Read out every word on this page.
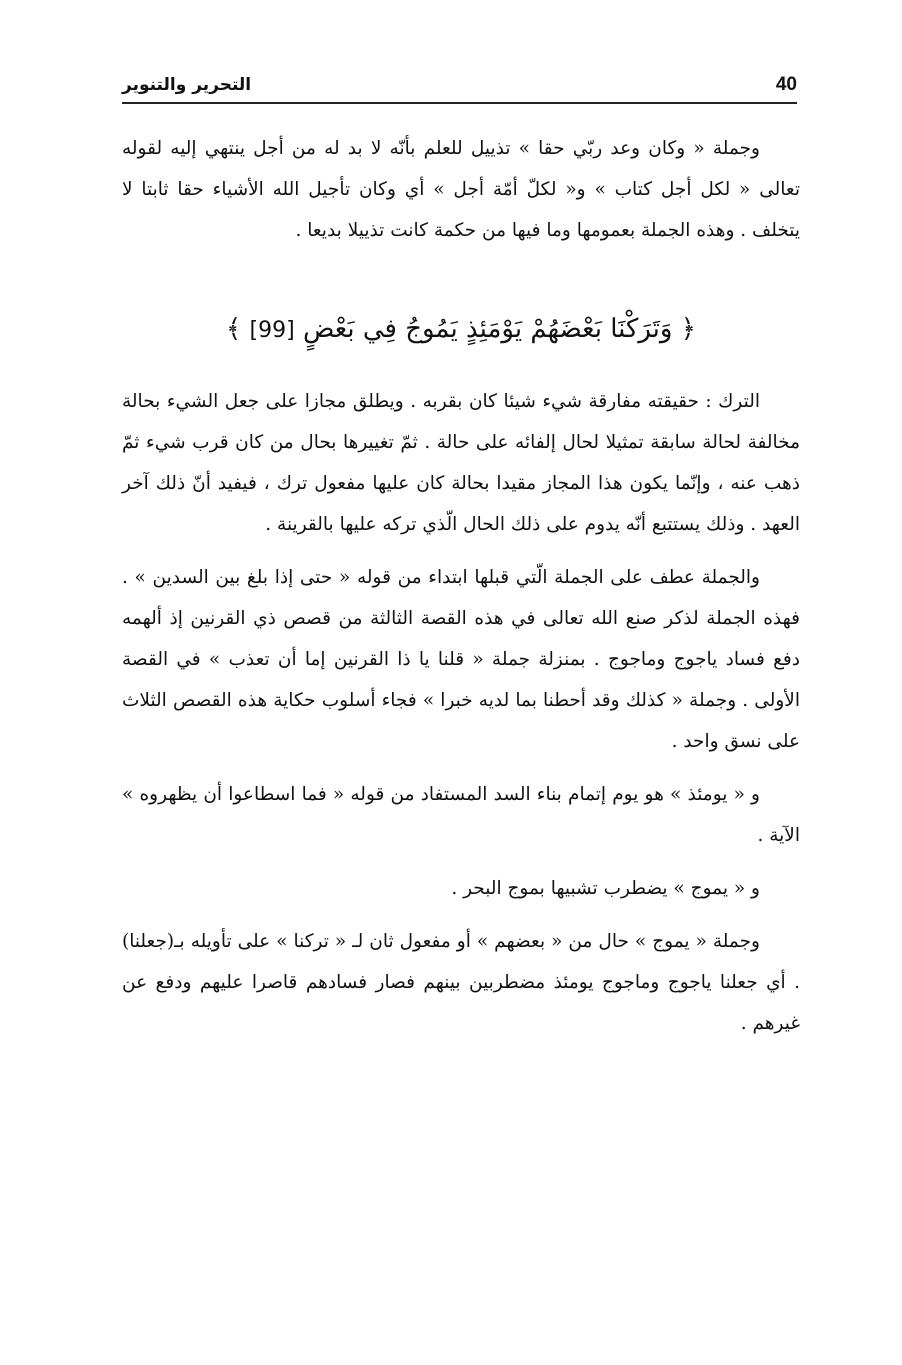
40
التحرير والتنوير

وجملة « وكان وعد ربّي حقا » تذييل للعلم بأنّه لا بد له من أجل ينتهي إليه لقوله تعالى « لكل أجل كتاب » و« لكلّ أمّة أجل » أي وكان تأجيل الله الأشياء حقا ثابتا لا يتخلف . وهذه الجملة بعمومها وما فيها من حكمة كانت تذييلا بديعا .

﴿ وَتَرَكْنَا بَعْضَهُمْ يَوْمَئِذٍ يَمُوجُ فِي بَعْضٍ [99] ﴾

الترك : حقيقته مفارقة شيء شيئا كان بقربه . ويطلق مجازا على جعل الشيء بحالة مخالفة لحالة سابقة تمثيلا لحال إلفائه على حالة . ثمّ تغييرها بحال من كان قرب شيء ثمّ ذهب عنه ، وإنّما يكون هذا المجاز مقيدا بحالة كان عليها مفعول ترك ، فيفيد أنّ ذلك آخر العهد . وذلك يستتبع أنّه يدوم على ذلك الحال الّذي تركه عليها بالقرينة .

والجملة عطف على الجملة الّتي قبلها ابتداء من قوله « حتى إذا بلغ بين السدين » . فهذه الجملة لذكر صنع الله تعالى في هذه القصة الثالثة من قصص ذي القرنين إذ ألهمه دفع فساد ياجوج وماجوج . بمنزلة جملة « قلنا يا ذا القرنين إما أن تعذب » في القصة الأولى . وجملة « كذلك وقد أحطنا بما لديه خبرا » فجاء أسلوب حكاية هذه القصص الثلاث على نسق واحد .

و « يومئذ » هو يوم إتمام بناء السد المستفاد من قوله « فما اسطاعوا أن يظهروه » الآية .

و « يموج » يضطرب تشبيها بموج البحر .

وجملة « يموج » حال من « بعضهم » أو مفعول ثان لـ « تركنا » على تأويله بـ(جعلنا) . أي جعلنا ياجوج وماجوج يومئذ مضطربين بينهم فصار فسادهم قاصرا عليهم ودفع عن غيرهم .
